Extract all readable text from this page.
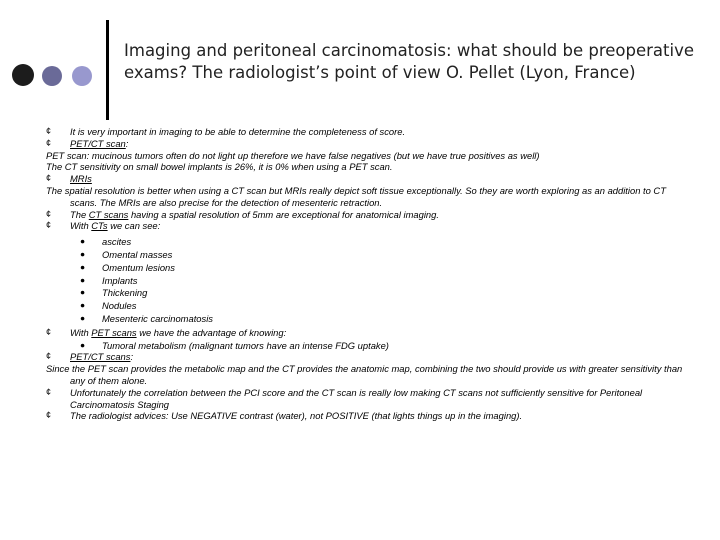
Imaging and peritoneal carcinomatosis: what should be preoperative exams? The radiologist’s point of view O. Pellet (Lyon, France)
¢ It is very important in imaging to be able to determine the completeness of score.
¢ PET/CT scan:
PET scan: mucinous tumors often do not light up therefore we have false negatives (but we have true positives as well)
The CT sensitivity on small bowel implants is 26%, it is 0% when using a PET scan.
¢ MRIs
The spatial resolution is better when using a CT scan but MRIs really depict soft tissue exceptionally. So they are worth exploring as an addition to CT scans. The MRIs are also precise for the detection of mesenteric retraction.
¢ The CT scans having a spatial resolution of 5mm are exceptional for anatomical imaging.
¢ With CTs we can see:
● ascites
● Omental masses
● Omentum lesions
● Implants
● Thickening
● Nodules
● Mesenteric carcinomatosis
¢ With PET scans we have the advantage of knowing:
● Tumoral metabolism (malignant tumors have an intense FDG uptake)
¢ PET/CT scans:
Since the PET scan provides the metabolic map and the CT provides the anatomic map, combining the two should provide us with greater sensitivity than any of them alone.
¢ Unfortunately the correlation between the PCI score and the CT scan is really low making CT scans not sufficiently sensitive for Peritoneal Carcinomatosis Staging
¢ The radiologist advices: Use NEGATIVE contrast (water), not POSITIVE (that lights things up in the imaging).
